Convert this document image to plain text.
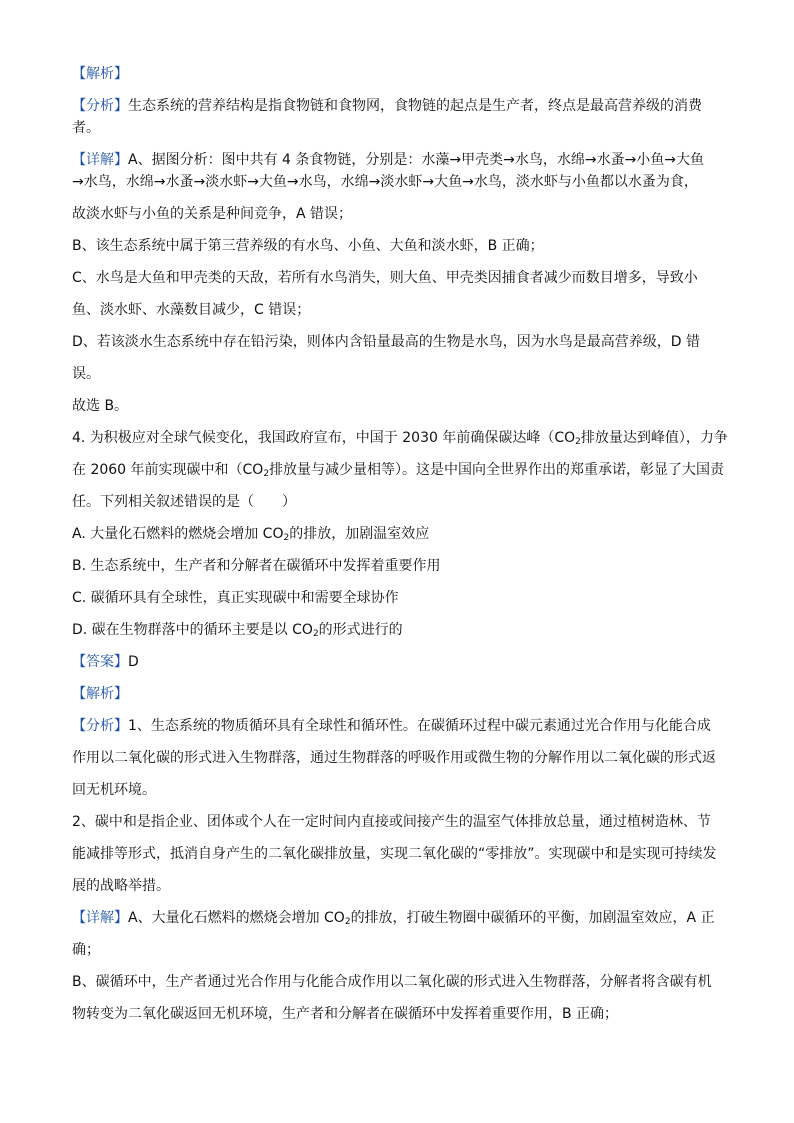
【解析】

【分析】生态系统的营养结构是指食物链和食物网，食物链的起点是生产者，终点是最高营养级的消费

者。

【详解】A、据图分析：图中共有 4 条食物链，分别是：水藻→甲壳类→水鸟，水绵→水蚤→小鱼→大鱼

→水鸟，水绵→水蚤→淡水虾→大鱼→水鸟，水绵→淡水虾→大鱼→水鸟，淡水虾与小鱼都以水蚤为食，

故淡水虾与小鱼的关系是种间竞争，A 错误；

B、该生态系统中属于第三营养级的有水鸟、小鱼、大鱼和淡水虾，B 正确；

C、水鸟是大鱼和甲壳类的天敌，若所有水鸟消失，则大鱼、甲壳类因捕食者减少而数目增多，导致小

鱼、淡水虾、水藻数目减少，C 错误；

D、若该淡水生态系统中存在铅污染，则体内含铅量最高的生物是水鸟，因为水鸟是最高营养级，D 错

误。

故选 B。

4. 为积极应对全球气候变化，我国政府宣布，中国于 2030 年前确保碳达峰（$CO_2$排放量达到峰值），力争

在 2060 年前实现碳中和（$CO_2$排放量与减少量相等）。这是中国向全世界作出的郑重承诺，彰显了大国责

任。下列相关叙述错误的是（　　）

A. 大量化石燃料的燃烧会增加 $CO_2$的排放，加剧温室效应

B. 生态系统中，生产者和分解者在碳循环中发挥着重要作用

C. 碳循环具有全球性，真正实现碳中和需要全球协作

D. 碳在生物群落中的循环主要是以 $CO_2$的形式进行的

【答案】D

【解析】

【分析】1、生态系统的物质循环具有全球性和循环性。在碳循环过程中碳元素通过光合作用与化能合成

作用以二氧化碳的形式进入生物群落，通过生物群落的呼吸作用或微生物的分解作用以二氧化碳的形式返

回无机环境。

2、碳中和是指企业、团体或个人在一定时间内直接或间接产生的温室气体排放总量，通过植树造林、节

能减排等形式，抵消自身产生的二氧化碳排放量，实现二氧化碳的“零排放”。实现碳中和是实现可持续发

展的战略举措。

【详解】A、大量化石燃料的燃烧会增加 $CO_2$的排放，打破生物圈中碳循环的平衡，加剧温室效应，A 正

确；

B、碳循环中，生产者通过光合作用与化能合成作用以二氧化碳的形式进入生物群落，分解者将含碳有机

物转变为二氧化碳返回无机环境，生产者和分解者在碳循环中发挥着重要作用，B 正确；
